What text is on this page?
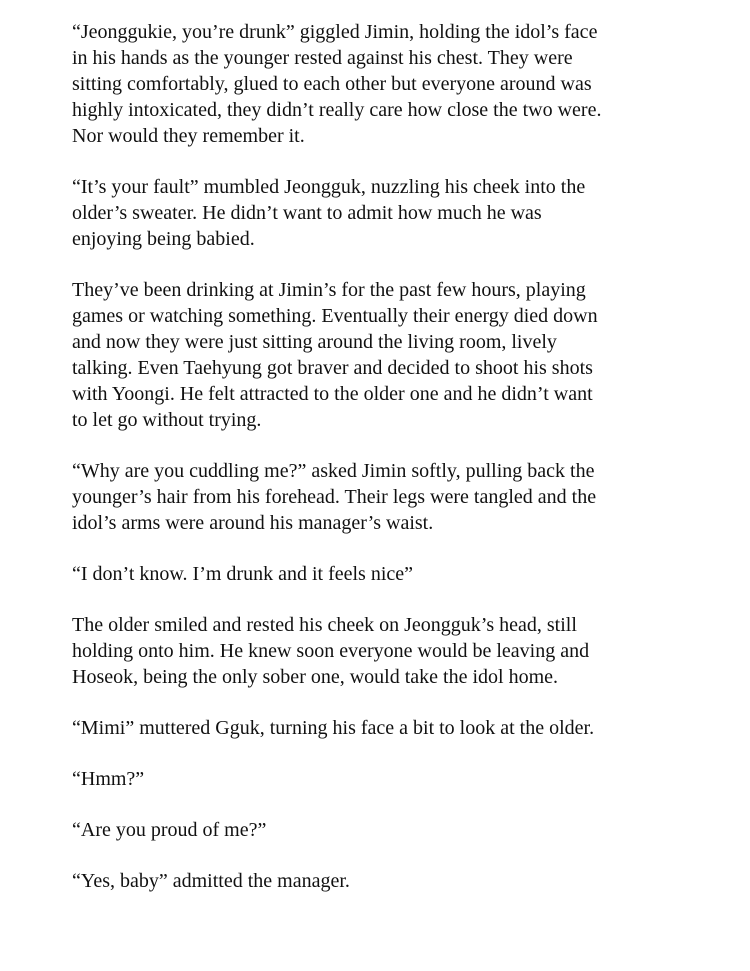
“Jeonggukie, you’re drunk” giggled Jimin, holding the idol’s face
in his hands as the younger rested against his chest. They were
sitting comfortably, glued to each other but everyone around was
highly intoxicated, they didn’t really care how close the two were.
Nor would they remember it.

“It’s your fault” mumbled Jeongguk, nuzzling his cheek into the
older’s sweater. He didn’t want to admit how much he was
enjoying being babied.

They’ve been drinking at Jimin’s for the past few hours, playing
games or watching something. Eventually their energy died down
and now they were just sitting around the living room, lively
talking. Even Taehyung got braver and decided to shoot his shots
with Yoongi. He felt attracted to the older one and he didn’t want
to let go without trying.

“Why are you cuddling me?” asked Jimin softly, pulling back the
younger’s hair from his forehead. Their legs were tangled and the
idol’s arms were around his manager’s waist.

“I don’t know. I’m drunk and it feels nice”

The older smiled and rested his cheek on Jeongguk’s head, still
holding onto him. He knew soon everyone would be leaving and
Hoseok, being the only sober one, would take the idol home.

“Mimi” muttered Gguk, turning his face a bit to look at the older.

“Hmm?”

“Are you proud of me?”

“Yes, baby” admitted the manager.
